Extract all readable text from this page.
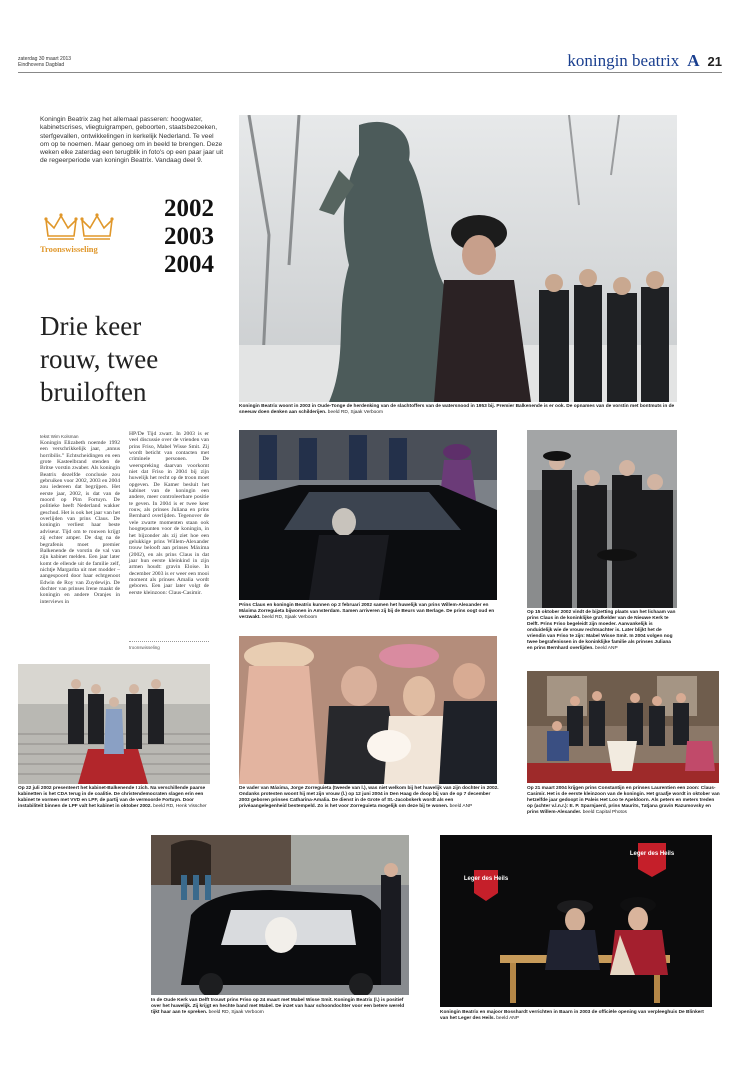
zaterdag 30 maart 2013
Eindhovens Dagblad	koningin beatrix A 21
Koningin Beatrix zag het allemaal passeren: hoogwater, kabinetscrises, vliegtuigrampen, geboorten, staatsbezoeken, sterfgevallen, ontwikkelingen in kerkelijk Nederland. Te veel om op te noemen. Maar genoeg om in beeld te brengen. Deze weken elke zaterdag een terugblik in foto's op een paar jaar uit de regeerperiode van koningin Beatrix. Vandaag deel 9.
Troonswisseling
2002
2003
2004
Drie keer
rouw, twee
bruiloften
tekst Wim Kolsman
Koningin Elizabeth noemde 1992 een verschrikkelijk jaar, ‚annus horribilis.” Echtscheidingen en een grote Kasteelbrand stenden de Britse vorstin zwaber. Als koningin Beatrix dezelfde conclusie zou gebruiken voor 2002, 2003 en 2004 zou iedereen dat begrijpen. Het eerste jaar, 2002, is dat van de moord op Pim Fortuyn. De politieke heeft Nederland wakker geschud. Het is ook het jaar van het overlijden van prins Claus. De koningin verliest haar beste adviseur. Tijd om te rouwen krijgt zij echter amper. De dag na de begrafenis moet premier Balkenende de vorstin de val van zijn kabinet melden. Een jaar later komt de ellende uit de familie zelf, nichtje Margarita uit met modder – aangespoord door haar echtgenoot Edwin de Roy van Zuydewijn. De dochter van prinses Irene maakt de koningin en andere Oranjes in interviews in
HP/De Tijd zwart. In 2003 is er veel discussie over de vrienden van prins Friso, Mabel Wisse Smit. Zij wordt beticht van contacten met criminele personen. De weerspreking daarvan voorkomt niet dat Friso in 2004 bij zijn huwelijk het recht op de troon moet opgeven. De Kamer besluit het kabinet van de koningin een andere, meer controleerbare positie te geven. In 2004 is er twee keer rouw, als prinses Juliana en prins Bernhard overlijden. Tegenover de vele zwarte momenten staan ook hoogtepunten voor de koningin, in het bijzonder als zij ziet hoe een gelukkige prins Willem-Alexander trouw belooft aan prinses Máxima (2002), en als prins Claus in dat jaar hun eerste kleinkind in zijn armen houdt: gravin Eloise. In december 2003 is er weer een mooi moment als prinses Amalia wordt geboren. Een jaar later volgt de eerste kleinzoon: Claus-Casimir.
troonswisseling
Koningin Beatrix woont in 2003 in Oude-Tonge de herdenking van de slachtoffers van de watersnood in 1953 bij. Premier Balkenende is er ook. De opnames van de vorstin met bontmuts in de sneeuw doen denken aan schilderijen. beeld RD, Sjaak Verboom
Prins Claus en koningin Beatrix kunnen op 2 februari 2002 samen het huwelijk van prins Willem-Alexander en Máxima Zorreguieta bijwonen in Amsterdam. Samen arriveren zij bij de Beurs van Berlage. De prins oogt oud en verzwakt. beeld RD, Sjaak Verboom
Op 15 oktober 2002 vindt de bijzetting plaats van het lichaam van prins Claus in de koninklijke grafkelder van de Nieuwe Kerk te Delft. Prins Friso begeleidt zijn moeder. Aanvankelijk is onduidelijk wie de vrouw rechtsachter is. Later blijkt het de vriendin van Friso te zijn: Mabel Wisse Smit. In 2004 volgen nog twee begrafenissen in de koninklijke familie als prinses Juliana en prins Bernhard overlijden. beeld ANP
Op 22 juli 2002 presenteert het kabinet-Balkenende I zich. Na verschillende paarse kabinetten is het CDA terug in de coalitie. De christendemocraten slagen erin een kabinet te vormen met VVD en LPF, de partij van de vermoorde Fortuyn. Door instabiliteit binnen de LPF valt het kabinet in oktober 2002. beeld RD, Henk Visscher
De vader van Máxima, Jorge Zorreguieta (tweede van l.), was niet welkom bij het huwelijk van zijn dochter in 2002. Ondanks protesten woont hij met zijn vrouw (l.) op 12 juni 2004 in Den Haag de doop bij van de op 7 december 2003 geboren prinses Catharina-Amalia. De dienst in de Grote of St.-Jacobskerk wordt als een privéaangelegenheid bestempeld. Zo is het voor Zorreguieta mogelijk om deze bij te wonen. beeld ANP
Op 21 maart 2004 krijgen prins Constantijn en prinses Laurentien een zoon: Claus-Casimir. Het is de eerste kleinzoon van de koningin. Het graafje wordt in oktober van hetzelfde jaar gedoopt in Paleis Het Loo te Apeldoorn. Als peters en meters treden op (achter v.l.n.r.): E. P. Sparnjaerd, prins Maurits, Tatjana gravin Razumovsky en prins Willem-Alexander. beeld Capital Photos
In de Oude Kerk van Delft trouwt prins Friso op 24 maart met Mabel Wisse Smit. Koningin Beatrix (l.) is positief over het huwelijk. Zij krijgt en hechte band met Mabel. De inzet van haar schoondochter voor een betere wereld tijkt haar aan te spreken. beeld RD, Sjaak Verboom
Leger des Heils
Leger des Heils
Koningin Beatrix en majoor Bosshardt verrichten in Baarn in 2003 de officiële opening van verpleeghuis De Blinkert van het Leger des Heils. beeld ANP
